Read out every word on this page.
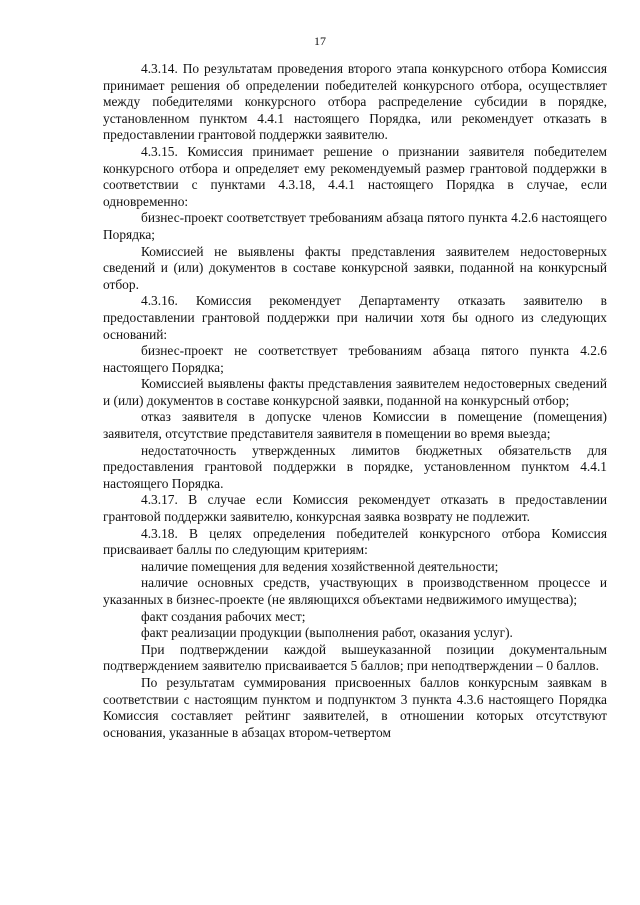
17

4.3.14. По результатам проведения второго этапа конкурсного отбора Комиссия принимает решения об определении победителей конкурсного отбора, осуществляет между победителями конкурсного отбора распределение субсидии в порядке, установленном пунктом 4.4.1 настоящего Порядка, или рекомендует отказать в предоставлении грантовой поддержки заявителю.

4.3.15. Комиссия принимает решение о признании заявителя победителем конкурсного отбора и определяет ему рекомендуемый размер грантовой поддержки в соответствии с пунктами 4.3.18, 4.4.1 настоящего Порядка в случае, если одновременно:

бизнес-проект соответствует требованиям абзаца пятого пункта 4.2.6 настоящего Порядка;

Комиссией не выявлены факты представления заявителем недостоверных сведений и (или) документов в составе конкурсной заявки, поданной на конкурсный отбор.

4.3.16. Комиссия рекомендует Департаменту отказать заявителю в предоставлении грантовой поддержки при наличии хотя бы одного из следующих оснований:

бизнес-проект не соответствует требованиям абзаца пятого пункта 4.2.6 настоящего Порядка;

Комиссией выявлены факты представления заявителем недостоверных сведений и (или) документов в составе конкурсной заявки, поданной на конкурсный отбор;

отказ заявителя в допуске членов Комиссии в помещение (помещения) заявителя, отсутствие представителя заявителя в помещении во время выезда;

недостаточность утвержденных лимитов бюджетных обязательств для предоставления грантовой поддержки в порядке, установленном пунктом 4.4.1 настоящего Порядка.

4.3.17. В случае если Комиссия рекомендует отказать в предоставлении грантовой поддержки заявителю, конкурсная заявка возврату не подлежит.

4.3.18. В целях определения победителей конкурсного отбора Комиссия присваивает баллы по следующим критериям:

наличие помещения для ведения хозяйственной деятельности;

наличие основных средств, участвующих в производственном процессе и указанных в бизнес-проекте (не являющихся объектами недвижимого имущества);

факт создания рабочих мест;

факт реализации продукции (выполнения работ, оказания услуг).

При подтверждении каждой вышеуказанной позиции документальным подтверждением заявителю присваивается 5 баллов; при неподтверждении – 0 баллов.

По результатам суммирования присвоенных баллов конкурсным заявкам в соответствии с настоящим пунктом и подпунктом 3 пункта 4.3.6 настоящего Порядка Комиссия составляет рейтинг заявителей, в отношении которых отсутствуют основания, указанные в абзацах втором-четвертом
